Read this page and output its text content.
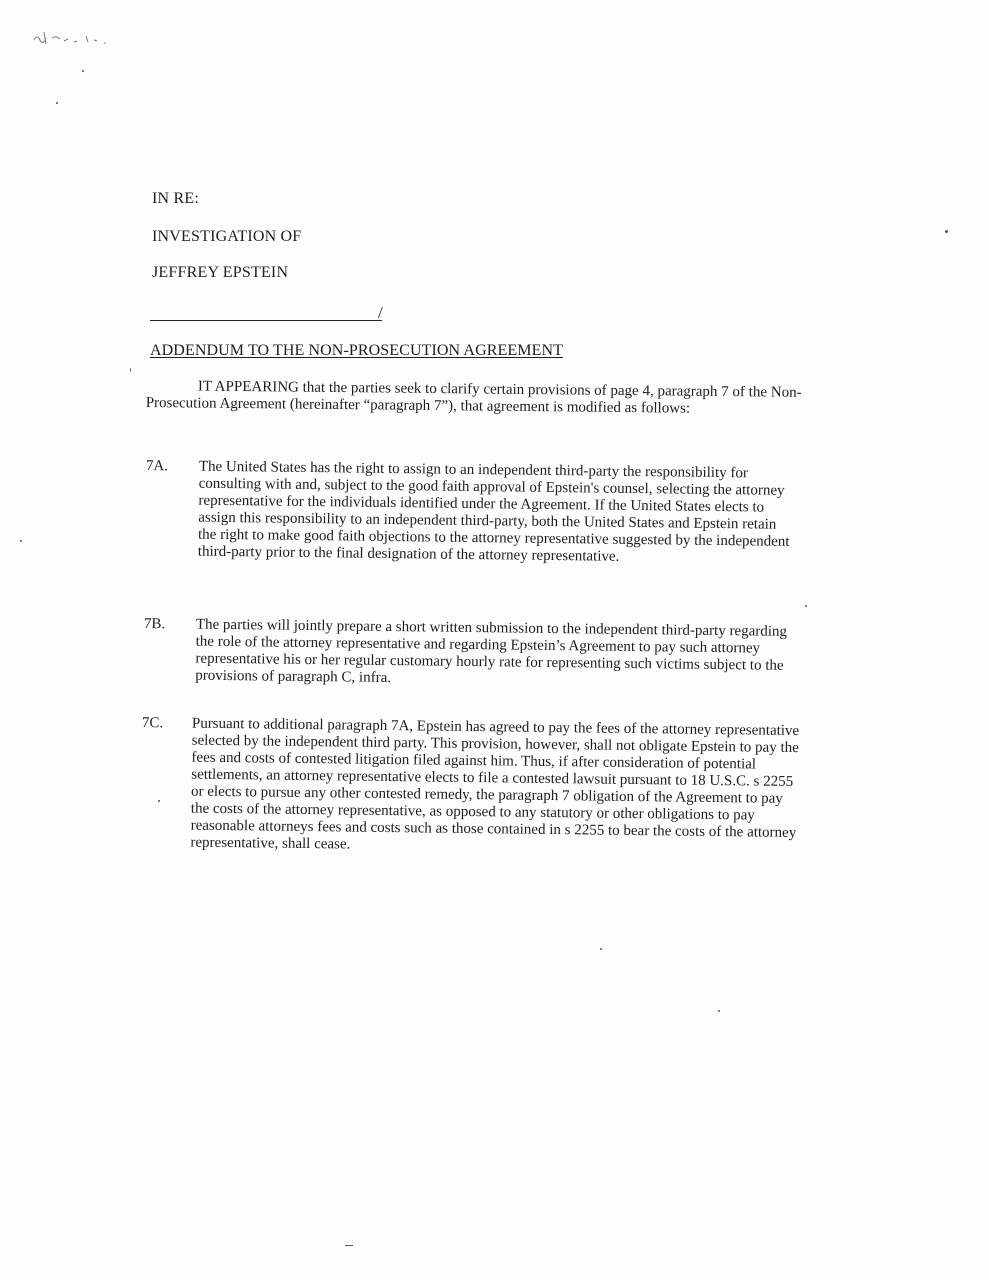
IN RE:
INVESTIGATION OF
JEFFREY EPSTEIN
/
ADDENDUM TO THE NON-PROSECUTION AGREEMENT
IT APPEARING that the parties seek to clarify certain provisions of page 4, paragraph 7 of the Non-Prosecution Agreement (hereinafter “paragraph 7”), that agreement is modified as follows:
7A. The United States has the right to assign to an independent third-party the responsibility for consulting with and, subject to the good faith approval of Epstein's counsel, selecting the attorney representative for the individuals identified under the Agreement. If the United States elects to assign this responsibility to an independent third-party, both the United States and Epstein retain the right to make good faith objections to the attorney representative suggested by the independent third-party prior to the final designation of the attorney representative.
7B. The parties will jointly prepare a short written submission to the independent third-party regarding the role of the attorney representative and regarding Epstein’s Agreement to pay such attorney representative his or her regular customary hourly rate for representing such victims subject to the provisions of paragraph C, infra.
7C. Pursuant to additional paragraph 7A, Epstein has agreed to pay the fees of the attorney representative selected by the independent third party. This provision, however, shall not obligate Epstein to pay the fees and costs of contested litigation filed against him. Thus, if after consideration of potential settlements, an attorney representative elects to file a contested lawsuit pursuant to 18 U.S.C. s 2255 or elects to pursue any other contested remedy, the paragraph 7 obligation of the Agreement to pay the costs of the attorney representative, as opposed to any statutory or other obligations to pay reasonable attorneys fees and costs such as those contained in s 2255 to bear the costs of the attorney representative, shall cease.
